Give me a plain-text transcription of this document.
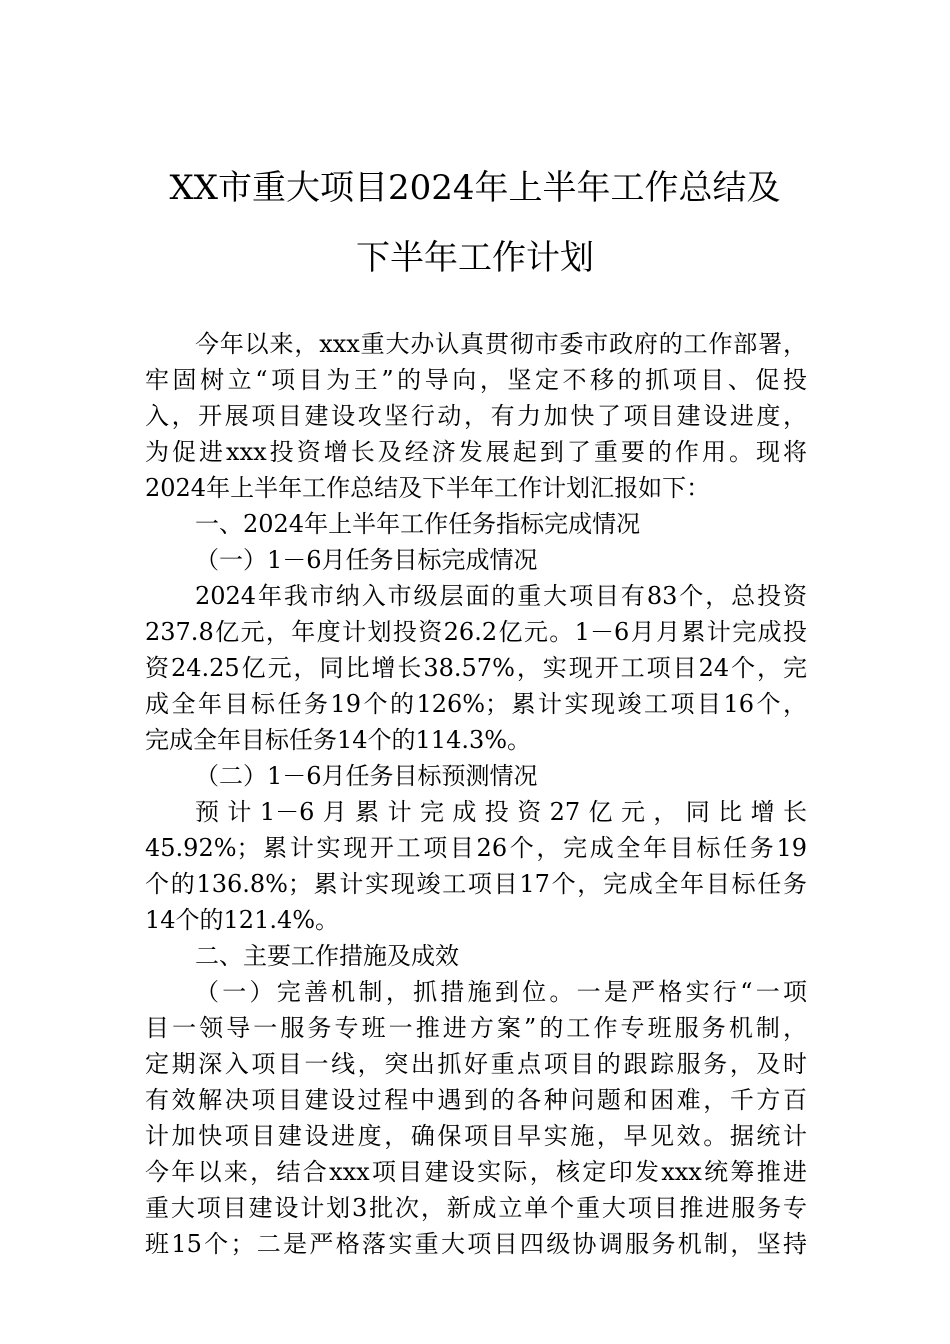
XX市重大项目2024年上半年工作总结及
下半年工作计划
今年以来，xxx重大办认真贯彻市委市政府的工作部署，
牢固树立“项目为王”的导向，坚定不移的抓项目、促投
入，开展项目建设攻坚行动，有力加快了项目建设进度，
为促进xxx投资增长及经济发展起到了重要的作用。现将
2024年上半年工作总结及下半年工作计划汇报如下：
一、2024年上半年工作任务指标完成情况
（一）1－6月任务目标完成情况
2024年我市纳入市级层面的重大项目有83个，总投资
237.8亿元，年度计划投资26.2亿元。1－6月月累计完成投
资24.25亿元，同比增长38.57%，实现开工项目24个，完
成全年目标任务19个的126%；累计实现竣工项目16个，
完成全年目标任务14个的114.3%。
（二）1－6月任务目标预测情况
预计1－6月累计完成投资27亿元，同比增长
45.92%；累计实现开工项目26个，完成全年目标任务19
个的136.8%；累计实现竣工项目17个，完成全年目标任务
14个的121.4%。
二、主要工作措施及成效
（一）完善机制，抓措施到位。一是严格实行“一项
目一领导一服务专班一推进方案”的工作专班服务机制，
定期深入项目一线，突出抓好重点项目的跟踪服务，及时
有效解决项目建设过程中遇到的各种问题和困难，千方百
计加快项目建设进度，确保项目早实施，早见效。据统计
今年以来，结合xxx项目建设实际，核定印发xxx统筹推进
重大项目建设计划3批次，新成立单个重大项目推进服务专
班15个；二是严格落实重大项目四级协调服务机制，坚持
